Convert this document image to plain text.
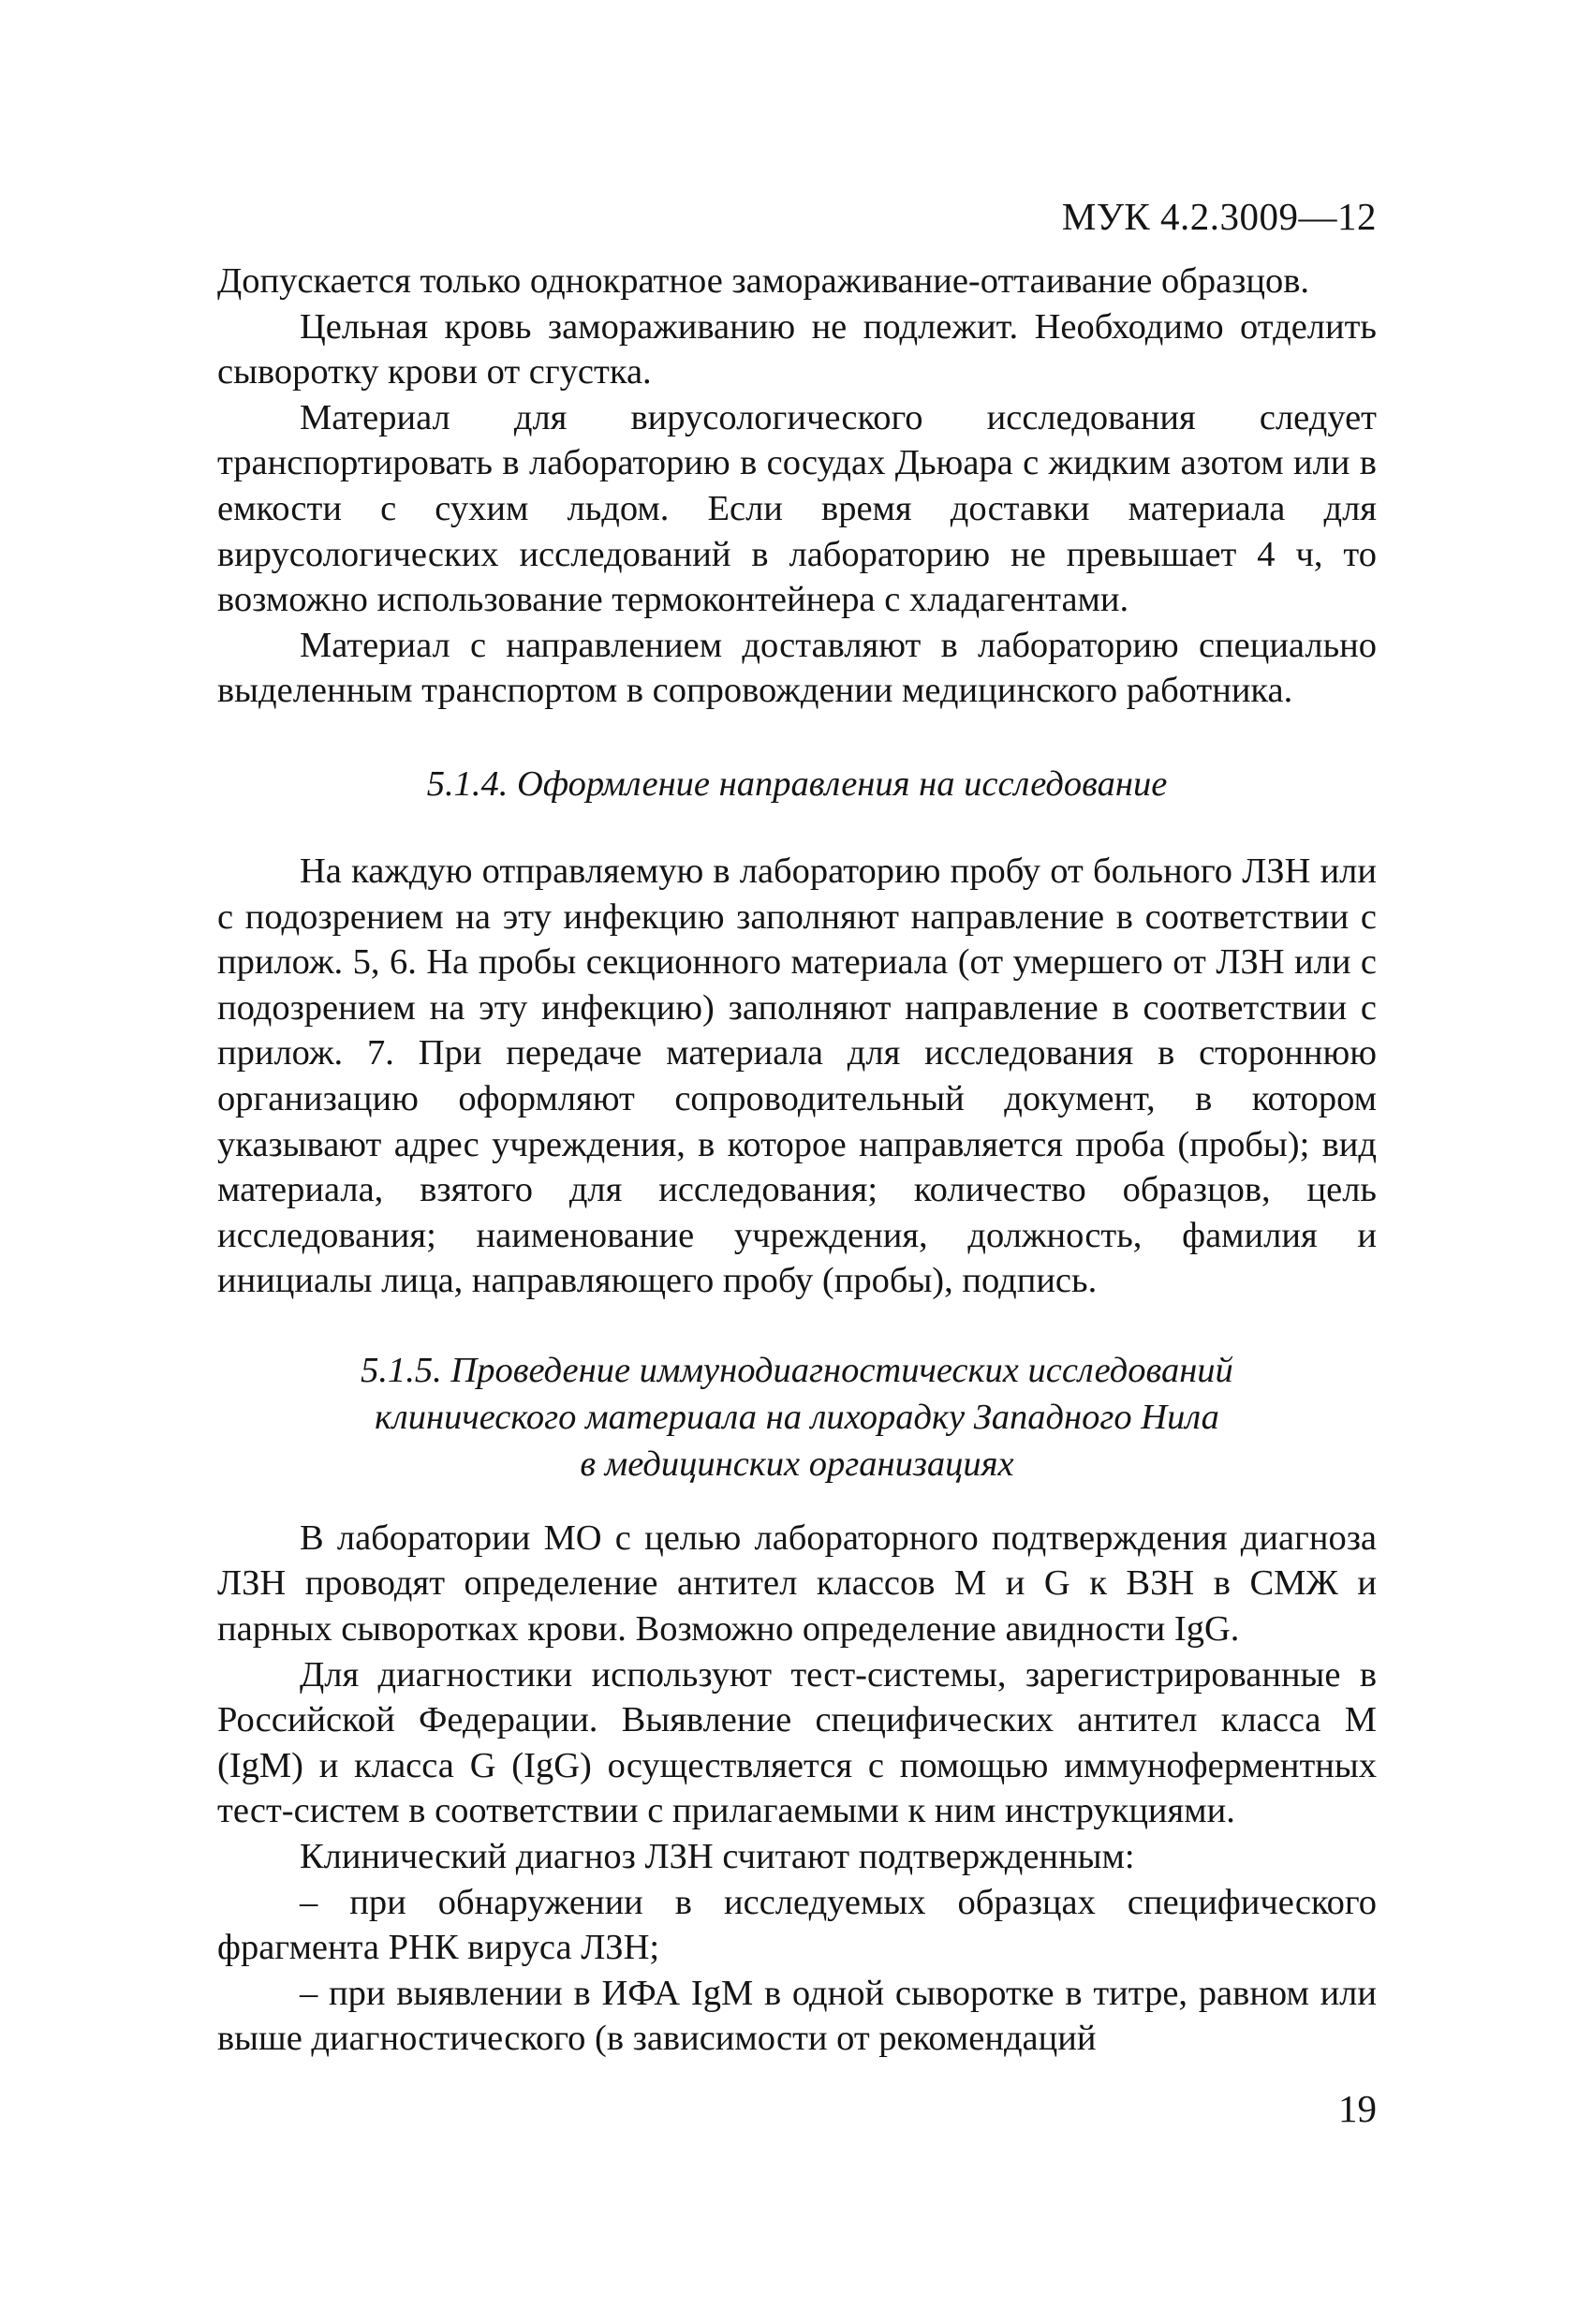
МУК 4.2.3009—12

Допускается только однократное замораживание-оттаивание образцов.

Цельная кровь замораживанию не подлежит. Необходимо отделить сыворотку крови от сгустка.

Материал для вирусологического исследования следует транспортировать в лабораторию в сосудах Дьюара с жидким азотом или в емкости с сухим льдом. Если время доставки материала для вирусологических исследований в лабораторию не превышает 4 ч, то возможно использование термоконтейнера с хладагентами.

Материал с направлением доставляют в лабораторию специально выделенным транспортом в сопровождении медицинского работника.

5.1.4. Оформление направления на исследование

На каждую отправляемую в лабораторию пробу от больного ЛЗН или с подозрением на эту инфекцию заполняют направление в соответствии с прилож. 5, 6. На пробы секционного материала (от умершего от ЛЗН или с подозрением на эту инфекцию) заполняют направление в соответствии с прилож. 7. При передаче материала для исследования в стороннюю организацию оформляют сопроводительный документ, в котором указывают адрес учреждения, в которое направляется проба (пробы); вид материала, взятого для исследования; количество образцов, цель исследования; наименование учреждения, должность, фамилия и инициалы лица, направляющего пробу (пробы), подпись.

5.1.5. Проведение иммунодиагностических исследований
клинического материала на лихорадку Западного Нила
в медицинских организациях

В лаборатории МО с целью лабораторного подтверждения диагноза ЛЗН проводят определение антител классов М и G к ВЗН в СМЖ и парных сыворотках крови. Возможно определение авидности IgG.

Для диагностики используют тест-системы, зарегистрированные в Российской Федерации. Выявление специфических антител класса М (IgM) и класса G (IgG) осуществляется с помощью иммуноферментных тест-систем в соответствии с прилагаемыми к ним инструкциями.

Клинический диагноз ЛЗН считают подтвержденным:

– при обнаружении в исследуемых образцах специфического фрагмента РНК вируса ЛЗН;

– при выявлении в ИФА IgM в одной сыворотке в титре, равном или выше диагностического (в зависимости от рекомендаций

19
